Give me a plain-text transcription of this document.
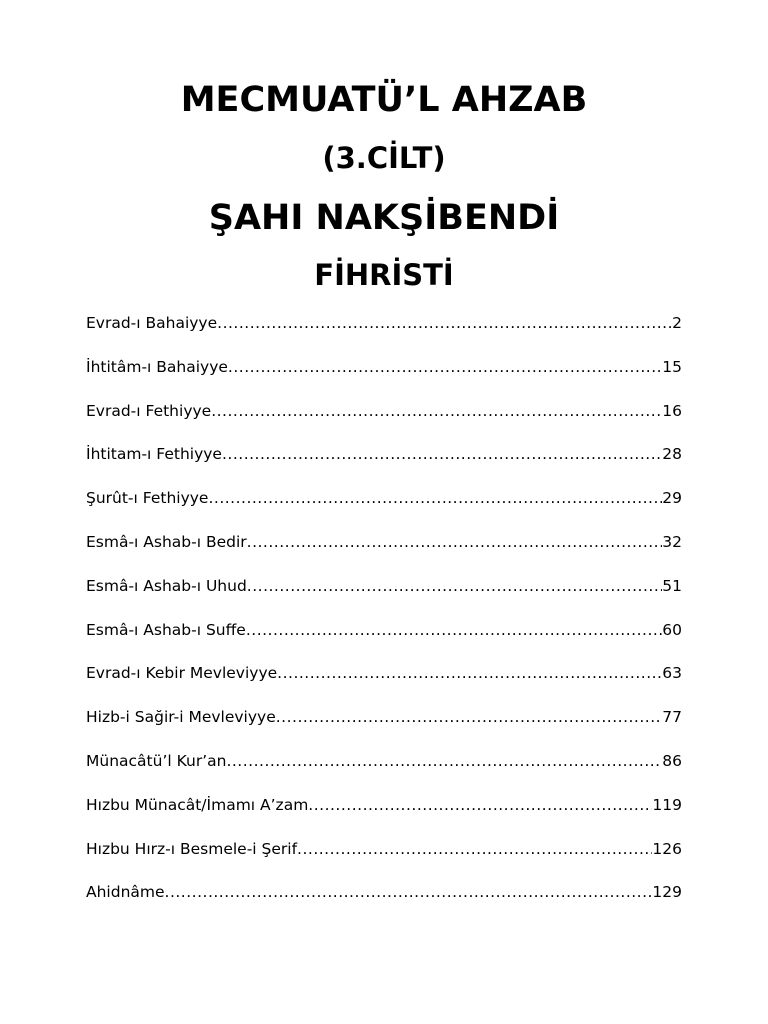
MECMUATÜ’L AHZAB
(3.CİLT)
ŞAHI NAKŞİBENDİ
FİHRİSTİ
Evrad-ı Bahaiyye .....	2
İhtitâm-ı Bahaiyye .....	15
Evrad-ı Fethiyye .....	16
İhtitam-ı Fethiyye .....	28
Şurût-ı Fethiyye .....	29
Esmâ-ı Ashab-ı Bedir .....	32
Esmâ-ı Ashab-ı Uhud .....	51
Esmâ-ı Ashab-ı Suffe .....	60
Evrad-ı Kebir Mevleviyye .....	63
Hizb-i Sağir-i Mevleviyye .....	77
Münacâtü’l Kur’an .....	86
Hızbu Münacât/İmamı A’zam .....	119
Hızbu Hırz-ı Besmele-i Şerif .....	126
Ahidnâme .....	129
